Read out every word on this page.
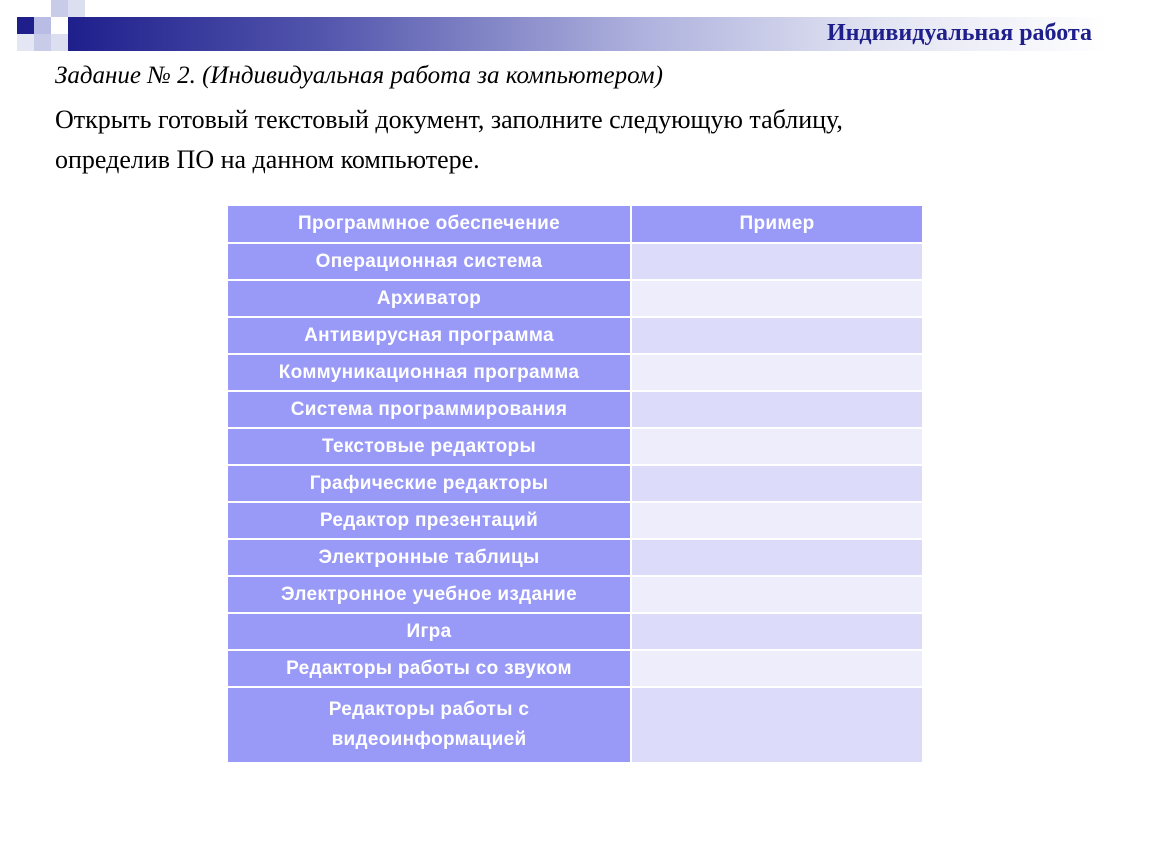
Индивидуальная работа
Задание № 2. (Индивидуальная работа за компьютером)
Открыть готовый текстовый документ, заполните следующую таблицу,
определив ПО на данном компьютере.
Программное обеспечение	Пример
Операционная система	
Архиватор	
Антивирусная программа	
Коммуникационная программа	
Система программирования	
Текстовые редакторы	
Графические редакторы	
Редактор презентаций	
Электронные таблицы	
Электронное учебное издание	
Игра	
Редакторы работы со звуком	
Редакторы работы с видеоинформацией	
